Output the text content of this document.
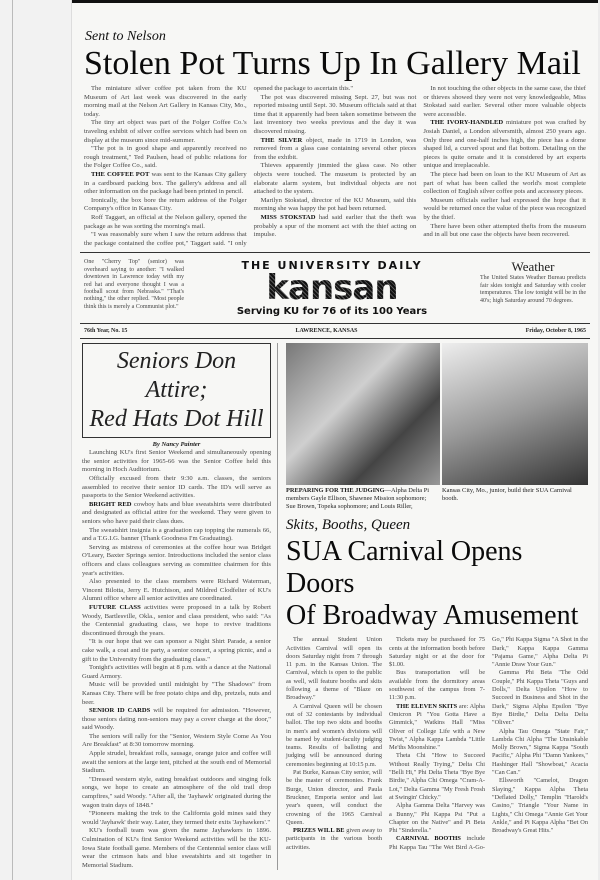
Sent to Nelson
Stolen Pot Turns Up In Gallery Mail

The miniature silver coffee pot taken from the KU Museum of Art last week was discovered in the early morning mail at the Nelson Art Gallery in Kansas City, Mo., today.

The tiny art object was part of the Folger Coffee Co.'s traveling exhibit of silver coffee services which had been on display at the museum since mid-summer.

"The pot is in good shape and apparently received no rough treatment," Ted Paulsen, head of public relations for the Folger Coffee Co., said.

THE COFFEE POT was sent to the Kansas City gallery in a cardboard packing box. The gallery's address and all other information on the package had been printed in pencil.

Ironically, the box bore the return address of the Folger Company's office in Kansas City.

Roff Taggart, an official at the Nelson gallery, opened the package as he was sorting the morning's mail.

"I was reasonably sure when I saw the return address that the package contained the coffee pot," Taggart said. "I only opened the package to ascertain this."

The pot was discovered missing Sept. 27, but was not reported missing until Sept. 30. Museum officials said at that time that it apparently had been taken sometime between the last inventory two weeks previous and the day it was discovered missing.

THE SILVER object, made in 1719 in London, was removed from a glass case containing several other pieces from the exhibit.

Thieves apparently jimmied the glass case. No other objects were touched. The museum is protected by an elaborate alarm system, but individual objects are not attached to the system.

Marilyn Stokstad, director of the KU Museum, said this morning she was happy the pot had been returned.

MISS STOKSTAD had said earlier that the theft was probably a spur of the moment act with the thief acting on impulse.

In not touching the other objects in the same case, the thief or thieves showed they were not very knowledgeable, Miss Stokstad said earlier. Several other more valuable objects were accessible.

THE IVORY-HANDLED miniature pot was crafted by Josiah Daniel, a London silversmith, almost 250 years ago. Only three and one-half inches high, the piece has a dome shaped lid, a curved spout and flat bottom. Detailing on the pieces is quite ornate and it is considered by art experts unique and irreplaceable.

The piece had been on loan to the KU Museum of Art as part of what has been called the world's most complete collection of English silver coffee pots and accessory pieces.

Museum officials earlier had expressed the hope that it would be returned once the value of the piece was recognized by the thief.

There have been other attempted thefts from the museum and in all but one case the objects have been recovered.

One "Cherry Top" (senior) was overheard saying to another: "I walked downtown in Lawrence today with my red hat and everyone thought I was a football scout from Nebraska." "That's nothing," the other replied. "Most people think this is merely a Communist plot."
THE UNIVERSITY DAILY
kansan
Serving KU for 76 of its 100 Years
Weather
The United States Weather Bureau predicts fair skies tonight and Saturday with cooler temperatures. The low tonight will be in the 40's; high Saturday around 70 degrees.
76th Year, No. 15	LAWRENCE, KANSAS	Friday, October 8, 1965
Seniors Don Attire;
Red Hats Dot Hill
By Nancy Painter

Launching KU's first Senior Weekend and simultaneously opening the senior activities for 1965-66 was the Senior Coffee held this morning in Hoch Auditorium.

Officially excused from their 9:30 a.m. classes, the seniors assembled to receive their senior ID cards. The ID's will serve as passports to the Senior Weekend activities.

BRIGHT RED cowboy hats and blue sweatshirts were distributed and designated as official attire for the weekend. They were given to seniors who have paid their class dues.

The sweatshirt insignia is a graduation cap topping the numerals 66, and a T.G.I.G. banner (Thank Goodness I'm Graduating).

Serving as mistress of ceremonies at the coffee hour was Bridget O'Leary, Baxter Springs senior. Introductions included the senior class officers and class colleagues serving as committee chairmen for this year's activities.

Also presented to the class members were Richard Waterman, Vincent Bilotta, Jerry E. Hutchison, and Mildred Clodfelter of KU's Alumni office where all senior activities are coordinated.

FUTURE CLASS activities were proposed in a talk by Robert Woody, Bartlesville, Okla., senior and class president, who said: "As the Centennial graduating class, we hope to revive traditions discontinued through the years.

"It is our hope that we can sponsor a Night Shirt Parade, a senior cake walk, a coat and tie party, a senior concert, a spring picnic, and a gift to the University from the graduating class."

Tonight's activities will begin at 8 p.m. with a dance at the National Guard Armory.

Music will be provided until midnight by "The Shadows" from Kansas City. There will be free potato chips and dip, pretzels, nuts and beer.

SENIOR ID CARDS will be required for admission. "However, those seniors dating non-seniors may pay a cover charge at the door," said Woody.

The seniors will rally for the "Senior, Western Style Come As You Are Breakfast" at 8:30 tomorrow morning.

Apple strudel, breakfast rolls, sausage, orange juice and coffee will await the seniors at the large tent, pitched at the south end of Memorial Stadium.

"Dressed western style, eating breakfast outdoors and singing folk songs, we hope to create an atmosphere of the old trail drop campfires," said Woody. "After all, the 'Jayhawk' originated during the wagon train days of 1848."

"Pioneers making the trek to the California gold mines said they would 'Jayhawk' their way. Later, they termed their exits 'Jayhawkers'."

KU's football team was given the name Jayhawkers in 1896. Culmination of KU's first Senior Weekend activities will be the KU-Iowa State football game. Members of the Centennial senior class will wear the crimson hats and blue sweatshirts and sit together in Memorial Stadium.

PREPARING FOR THE JUDGING—Alpha Delta Pi members Gayle Ellison, Shawnee Mission sophomore; Sue Brown, Topeka sophomore; and Louis Riller, Kansas City, Mo., junior, build their SUA Carnival booth.
Skits, Booths, Queen
SUA Carnival Opens Doors
Of Broadway Amusement

The annual Student Union Activities Carnival will open its doors Saturday night from 7 through 11 p.m. in the Kansas Union. The Carnival, which is open to the public as well, will feature booths and skits following a theme of "Blaze on Broadway."

A Carnival Queen will be chosen out of 32 contestants by individual ballot. The top two skits and booths in men's and women's divisions will be named by student-faculty judging teams. Results of balloting and judging will be announced during ceremonies beginning at 10:15 p.m.

Pat Burke, Kansas City senior, will be the master of ceremonies. Frank Burge, Union director, and Paula Bruckner, Emporia senior and last year's queen, will conduct the crowning of the 1965 Carnival Queen.

PRIZES WILL BE given away to participants in the various booth activities.

Tickets may be purchased for 75 cents at the information booth before Saturday night or at the door for $1.00.

Bus transportation will be available from the dormitory areas southwest of the campus from 7-11:30 p.m.

THE ELEVEN SKITS are: Alpha Omicron Pi "You Gotta Have a Gimmick," Watkins Hall "Miss Oliver of College Life with a New Twist," Alpha Kappa Lambda "Little Me'ths Moonshine."

Theta Chi "How to Succeed Without Really Trying," Delta Chi "Belli Hi," Phi Delta Theta "Bye Bye Birdie," Alpha Chi Omega "Cram-A-Lot," Delta Gamma "My Fresh Frosh at Swingin' Chicky."

Alpha Gamma Delta "Harvey was a Bunny," Phi Kappa Psi "Put a Chapter on the Native" and Pi Beta Phi "Sinderella."

CARNIVAL BOOTHS include Phi Kappa Tau "The Wet Bird A-Go-Go," Phi Kappa Sigma "A Shot in the Dark," Kappa Kappa Gamma "Pajama Game," Alpha Delta Pi "Annie Draw Your Gun."

Gamma Phi Beta "The Odd Couple," Phi Kappa Theta "Guys and Dolls," Delta Upsilon "How to Succeed in Business and Shot in the Dark," Sigma Alpha Epsilon "Bye Bye Birdie," Delta Delta Delta "Oliver."

Alpha Tau Omega "State Fair," Lambda Chi Alpha "The Unsinkable Molly Brown," Sigma Kappa "South Pacific," Alpha Phi "Damn Yankees," Hashinger Hall "Showboat," Acacia "Can Can."

Ellsworth "Camelot, Dragon Slaying," Kappa Alpha Theta "Deflated Dolly," Templin "Harold's Casino," Triangle "Your Name in Lights," Chi Omega "Annie Get Your Ankle," and Pi Kappa Alpha "Bet On Broadway's Great Hits."
